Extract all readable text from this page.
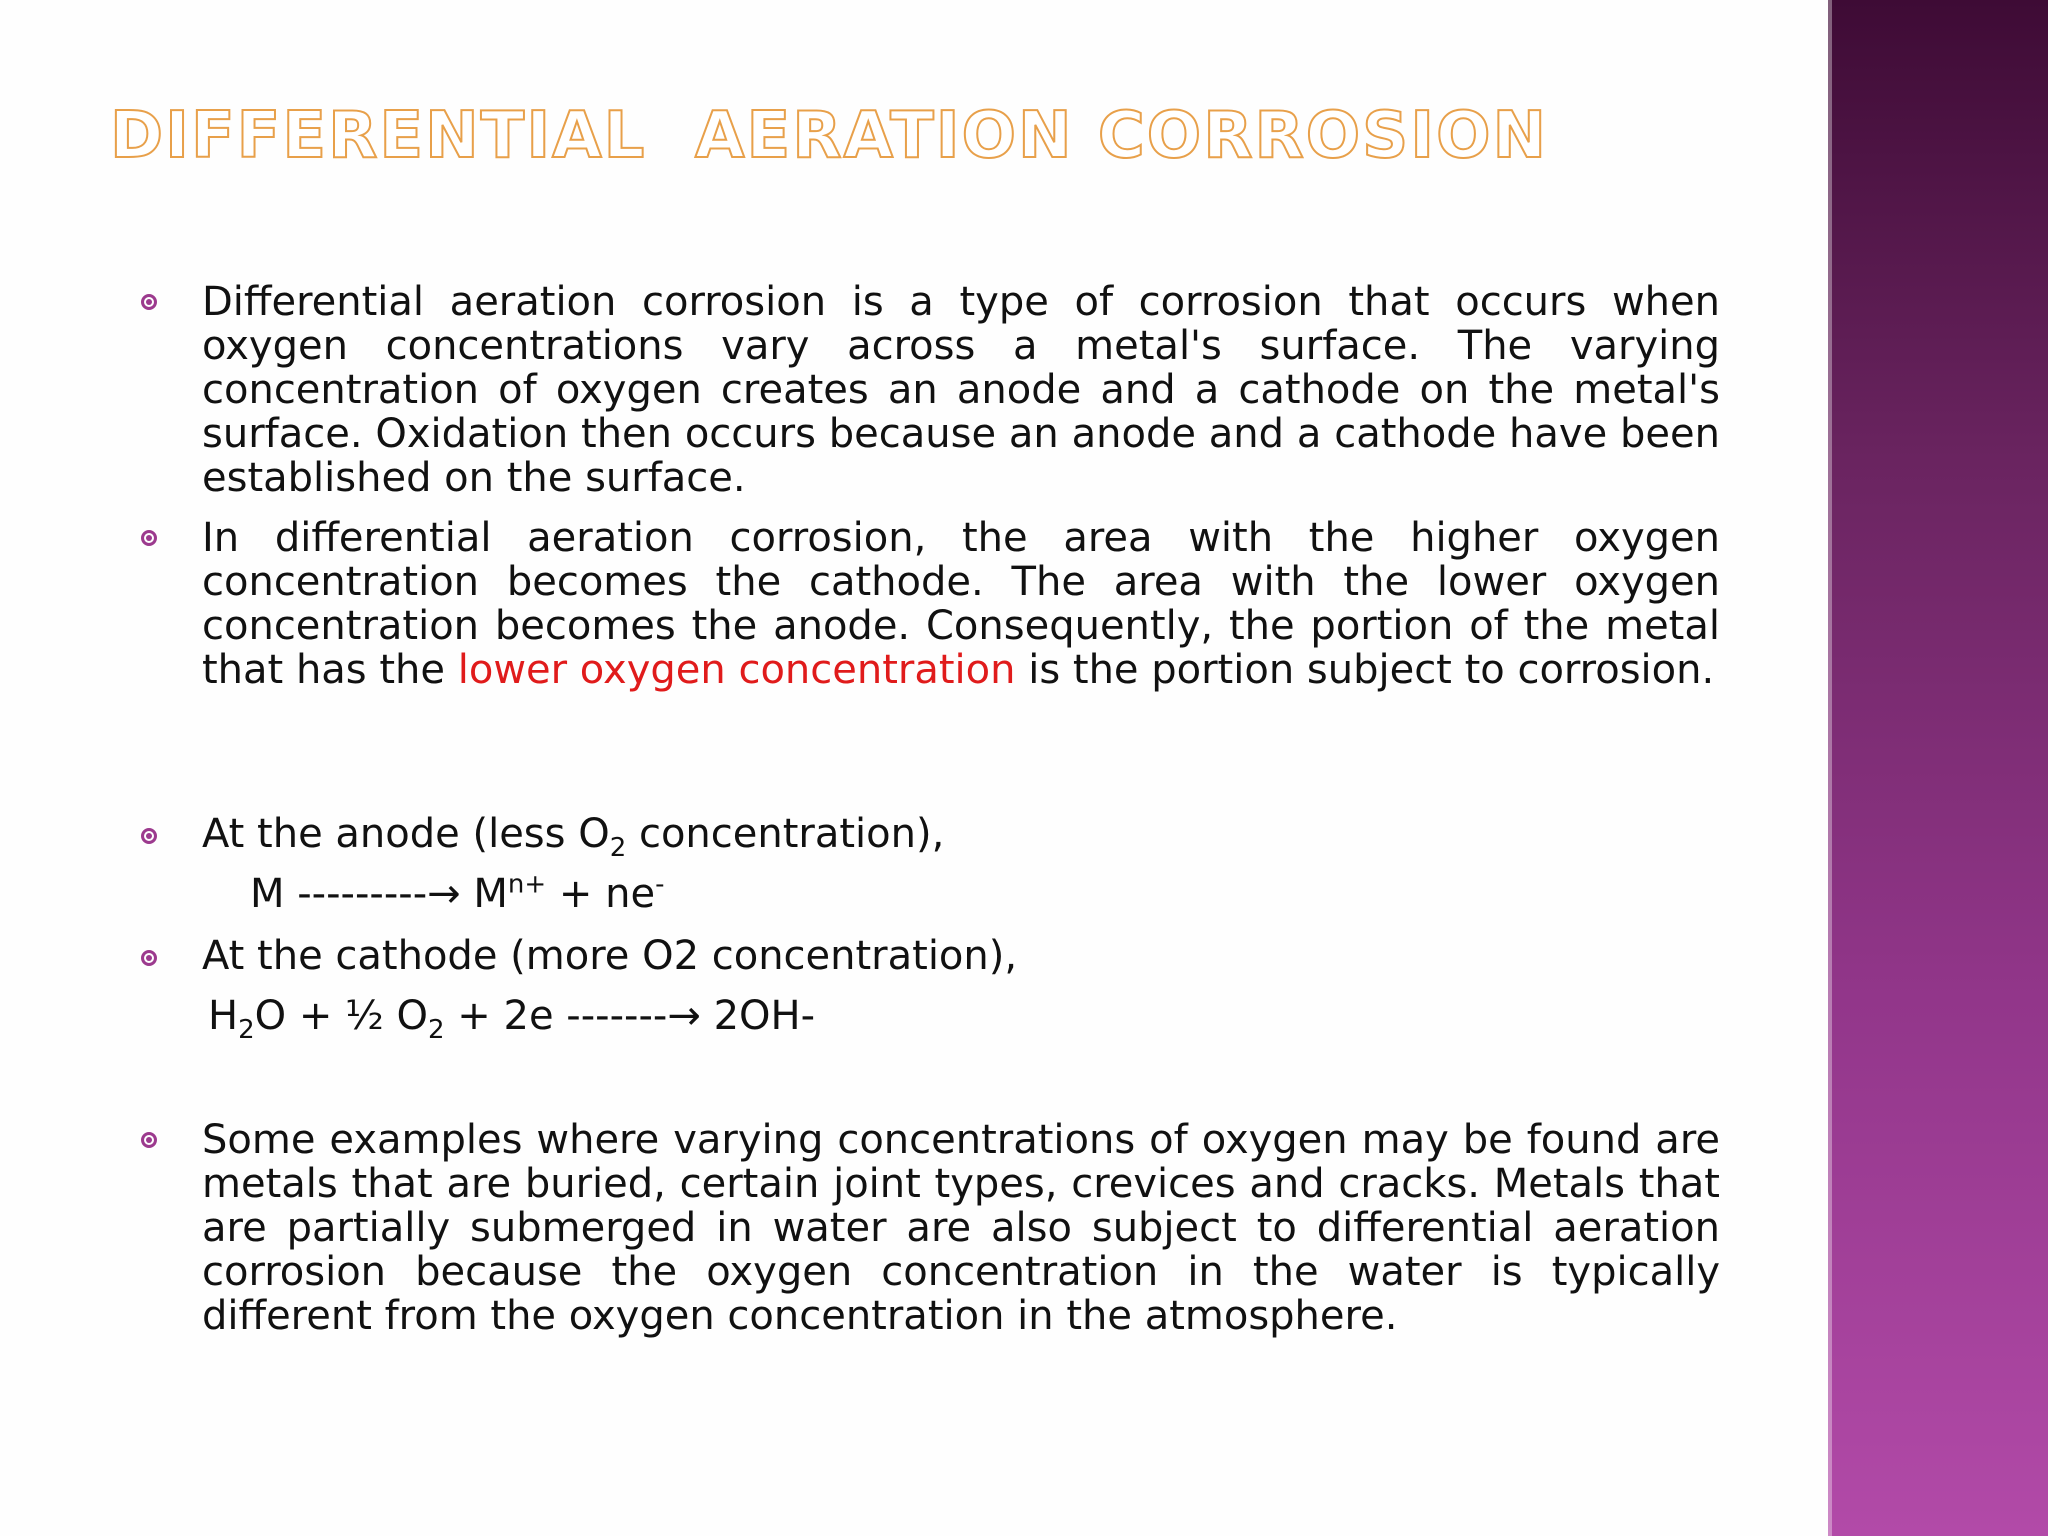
DIFFERENTIAL  AERATION CORROSION

Differential aeration corrosion is a type of corrosion that occurs when oxygen concentrations vary across a metal's surface. The varying concentration of oxygen creates an anode and a cathode on the metal's surface. Oxidation then occurs because an anode and a cathode have been established on the surface.

In differential aeration corrosion, the area with the higher oxygen concentration becomes the cathode. The area with the lower oxygen concentration becomes the anode. Consequently, the portion of the metal that has the lower oxygen concentration is the portion subject to corrosion.

At the anode (less $O_2$ concentration),

M ---------→ $M^{n+} + ne^-$

At the cathode (more O2 concentration),

$H_2O$ + ½ $O_2 + 2e$ -------→ 2OH-

Some examples where varying concentrations of oxygen may be found are metals that are buried, certain joint types, crevices and cracks. Metals that are partially submerged in water are also subject to differential aeration corrosion because the oxygen concentration in the water is typically different from the oxygen concentration in the atmosphere.
